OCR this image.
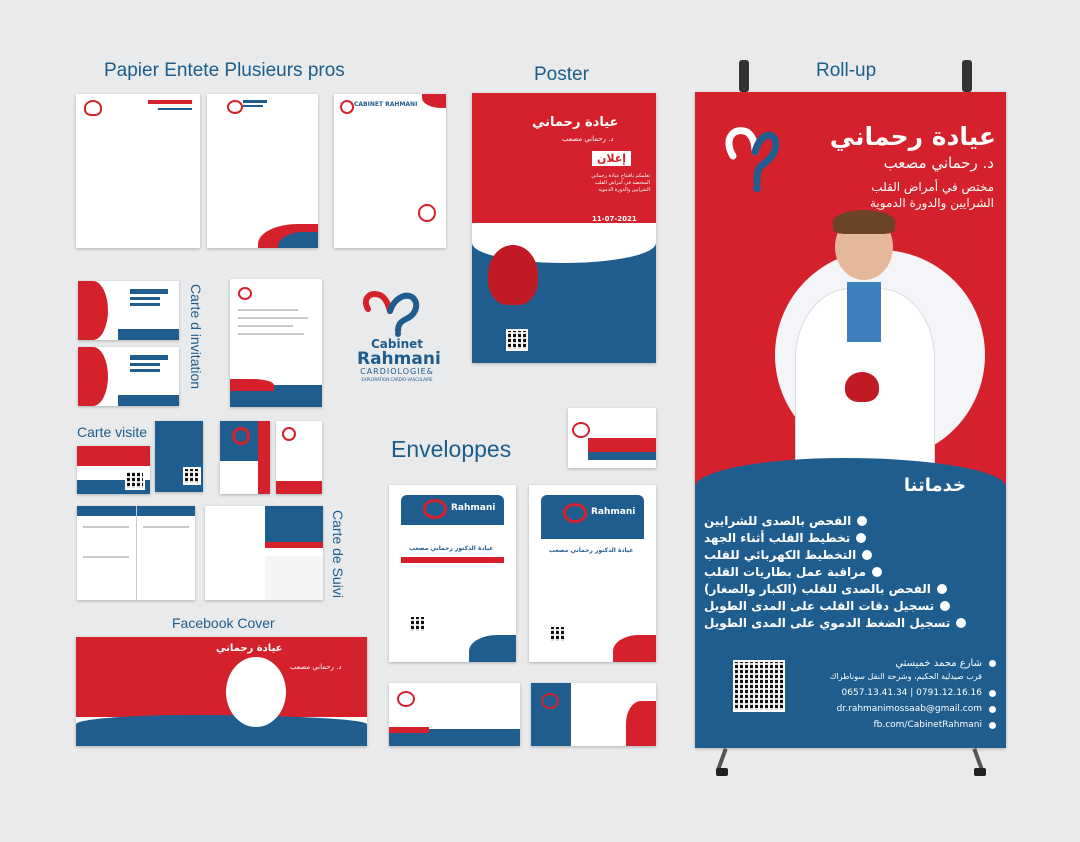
Papier Entete Plusieurs pros	Poster	Roll-up
Enveloppes
Carte visite
Facebook Cover
Carte d invitation
Carte de Suivi
CABINET RAHMANI
Cabinet
Rahmani
CARDIOLOGIE&
EXPLORATION CARDIO-VASCULAIRE
عيادة رحماني
د. رحماني مصعب
عيادة رحماني
د. رحماني مصعب
إعلان
تعلمكم بافتتاح عيادة رحماني المختصة في أمراض القلب الشرايين والدورة الدموية
11-07-2021
Rahmani
عيادة الدكتور رحماني مصعب
Rahmani
عيادة الدكتور رحماني مصعب
عيادة رحماني
د. رحماني مصعب
مختص في أمراض القلب
الشرايين والدورة الدموية
خدماتنا
الفحص بالصدى للشرايين
تخطيط القلب أثناء الجهد
التخطيط الكهربائي للقلب
مراقبة عمل بطاريات القلب
الفحص بالصدى للقلب (الكبار والصغار)
تسجيل دقات القلب على المدى الطويل
تسجيل الضغط الدموي على المدى الطويل
شارع محمد خميستي
قرب صيدلية الحكيم، وشرحة النقل سوناطراك
0657.13.41.34 | 0791.12.16.16
dr.rahmanimossaab@gmail.com
fb.com/CabinetRahmani
